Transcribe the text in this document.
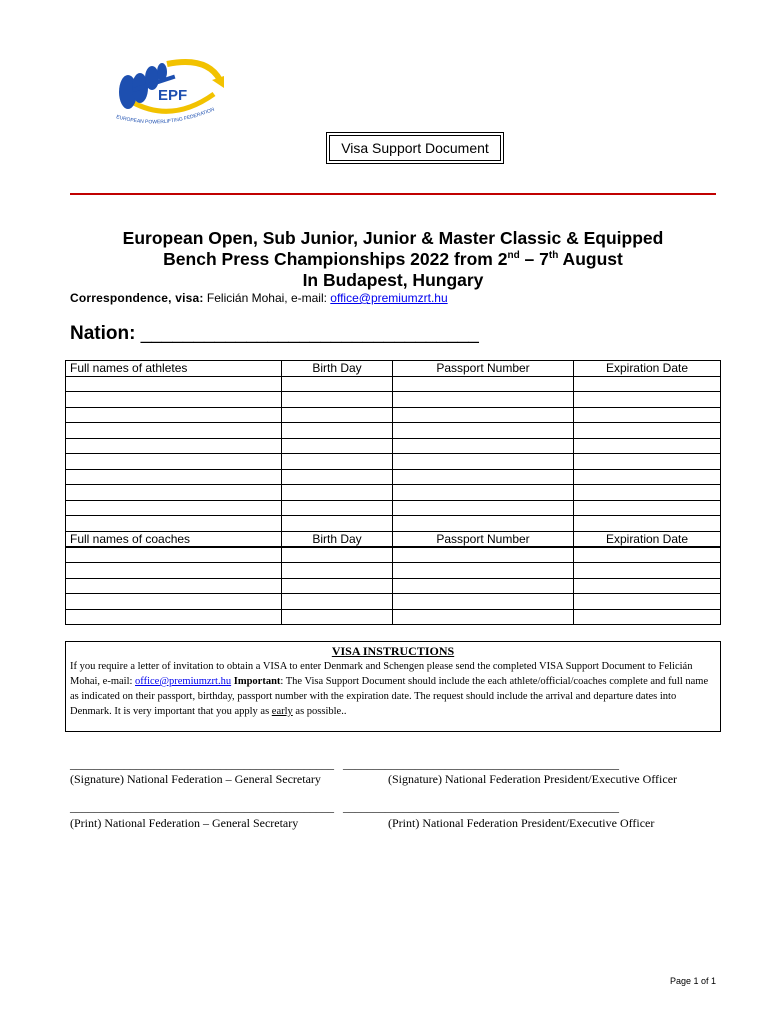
EPF
EUROPEAN POWERLIFTING FEDERATION
Visa Support Document
European Open, Sub Junior, Junior & Master Classic & Equipped
Bench Press Championships 2022 from 2nd – 7th August
In Budapest, Hungary
Correspondence, visa: Felicián Mohai, e-mail: office@premiumzrt.hu
Nation: ________________________________
Full names of athletes	Birth Day	Passport Number	Expiration Date

Full names of coaches	Birth Day	Passport Number	Expiration Date

VISA INSTRUCTIONS
If you require a letter of invitation to obtain a VISA to enter Denmark and Schengen please send the completed VISA Support Document to Felicián Mohai, e-mail: office@premiumzrt.hu Important: The Visa Support Document should include the each athlete/official/coaches complete and full name as indicated on their passport, birthday, passport number with the expiration date. The request should include the arrival and departure dates into Denmark. It is very important that you apply as early as possible..
____________________________________________ ______________________________________________
(Signature) National Federation – General Secretary	(Signature) National Federation President/Executive Officer
____________________________________________ ______________________________________________
(Print) National Federation – General Secretary	(Print) National Federation President/Executive Officer
Page 1 of 1
